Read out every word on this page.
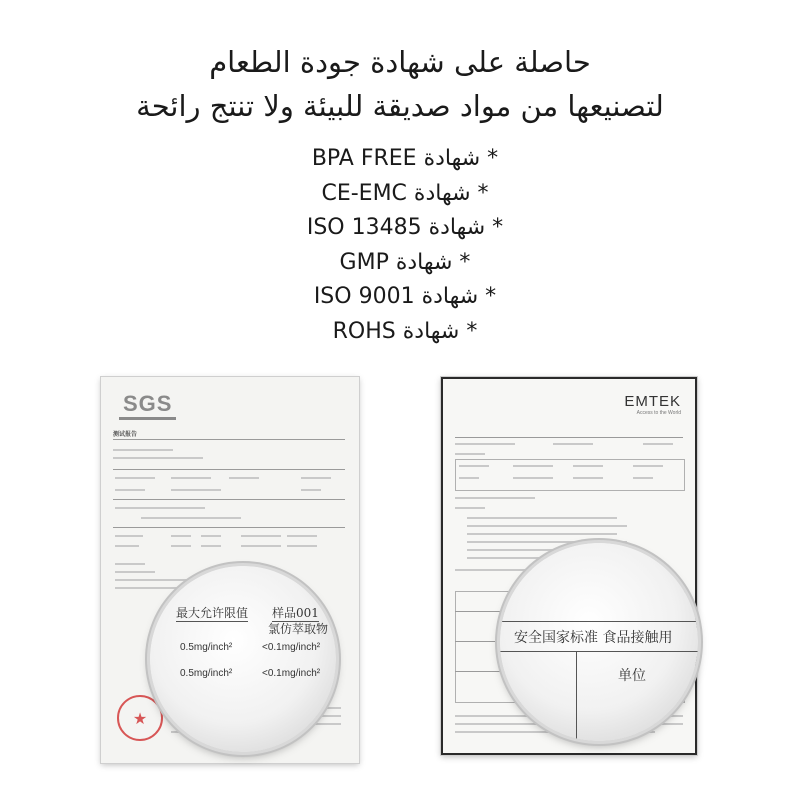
حاصلة على شهادة جودة الطعام
لتصنيعها من مواد صديقة للبيئة ولا تنتج رائحة
* شهادة BPA FREE
* شهادة CE-EMC
* شهادة ISO 13485
* شهادة GMP
* شهادة ISO 9001
* شهادة ROHS
SGS
测试报告
★
最大允许限值 样品001
氯仿萃取物
0.5mg/inch²	<0.1mg/inch²
0.5mg/inch²	<0.1mg/inch²
EMTEK
Access to the World
安全国家标准 食品接触用
单位
